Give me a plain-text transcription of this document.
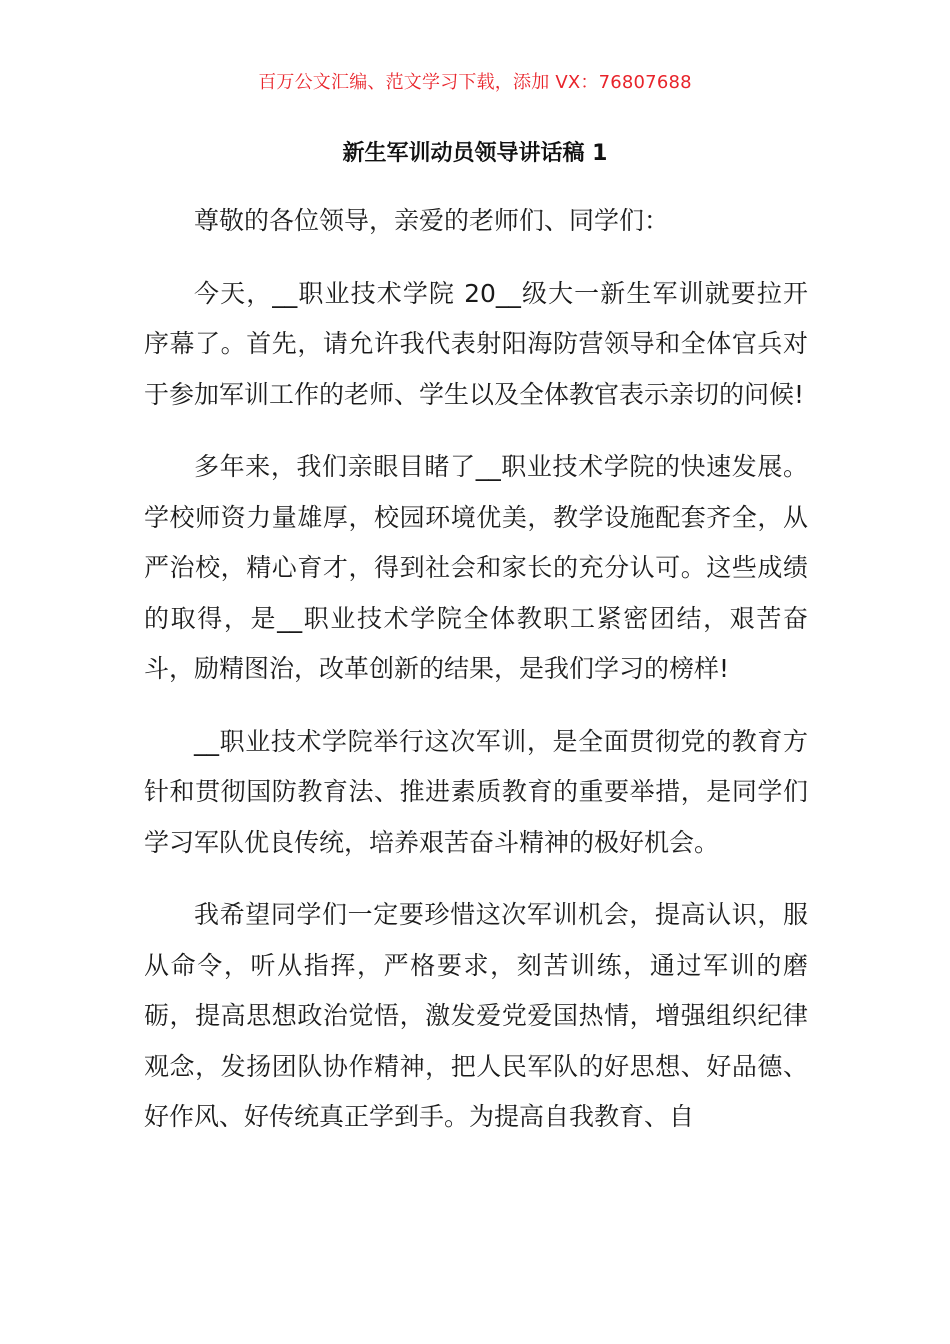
百万公文汇编、范文学习下载，添加 VX：76807688
新生军训动员领导讲话稿 1

尊敬的各位领导，亲爱的老师们、同学们：

今天，__职业技术学院 20__级大一新生军训就要拉开序幕了。首先，请允许我代表射阳海防营领导和全体官兵对于参加军训工作的老师、学生以及全体教官表示亲切的问候!

多年来，我们亲眼目睹了__职业技术学院的快速发展。学校师资力量雄厚，校园环境优美，教学设施配套齐全，从严治校，精心育才，得到社会和家长的充分认可。这些成绩的取得，是__职业技术学院全体教职工紧密团结，艰苦奋斗，励精图治，改革创新的结果，是我们学习的榜样!

__职业技术学院举行这次军训，是全面贯彻党的教育方针和贯彻国防教育法、推进素质教育的重要举措，是同学们学习军队优良传统，培养艰苦奋斗精神的极好机会。

我希望同学们一定要珍惜这次军训机会，提高认识，服从命令，听从指挥，严格要求，刻苦训练，通过军训的磨砺，提高思想政治觉悟，激发爱党爱国热情，增强组织纪律观念，发扬团队协作精神，把人民军队的好思想、好品德、好作风、好传统真正学到手。为提高自我教育、自
